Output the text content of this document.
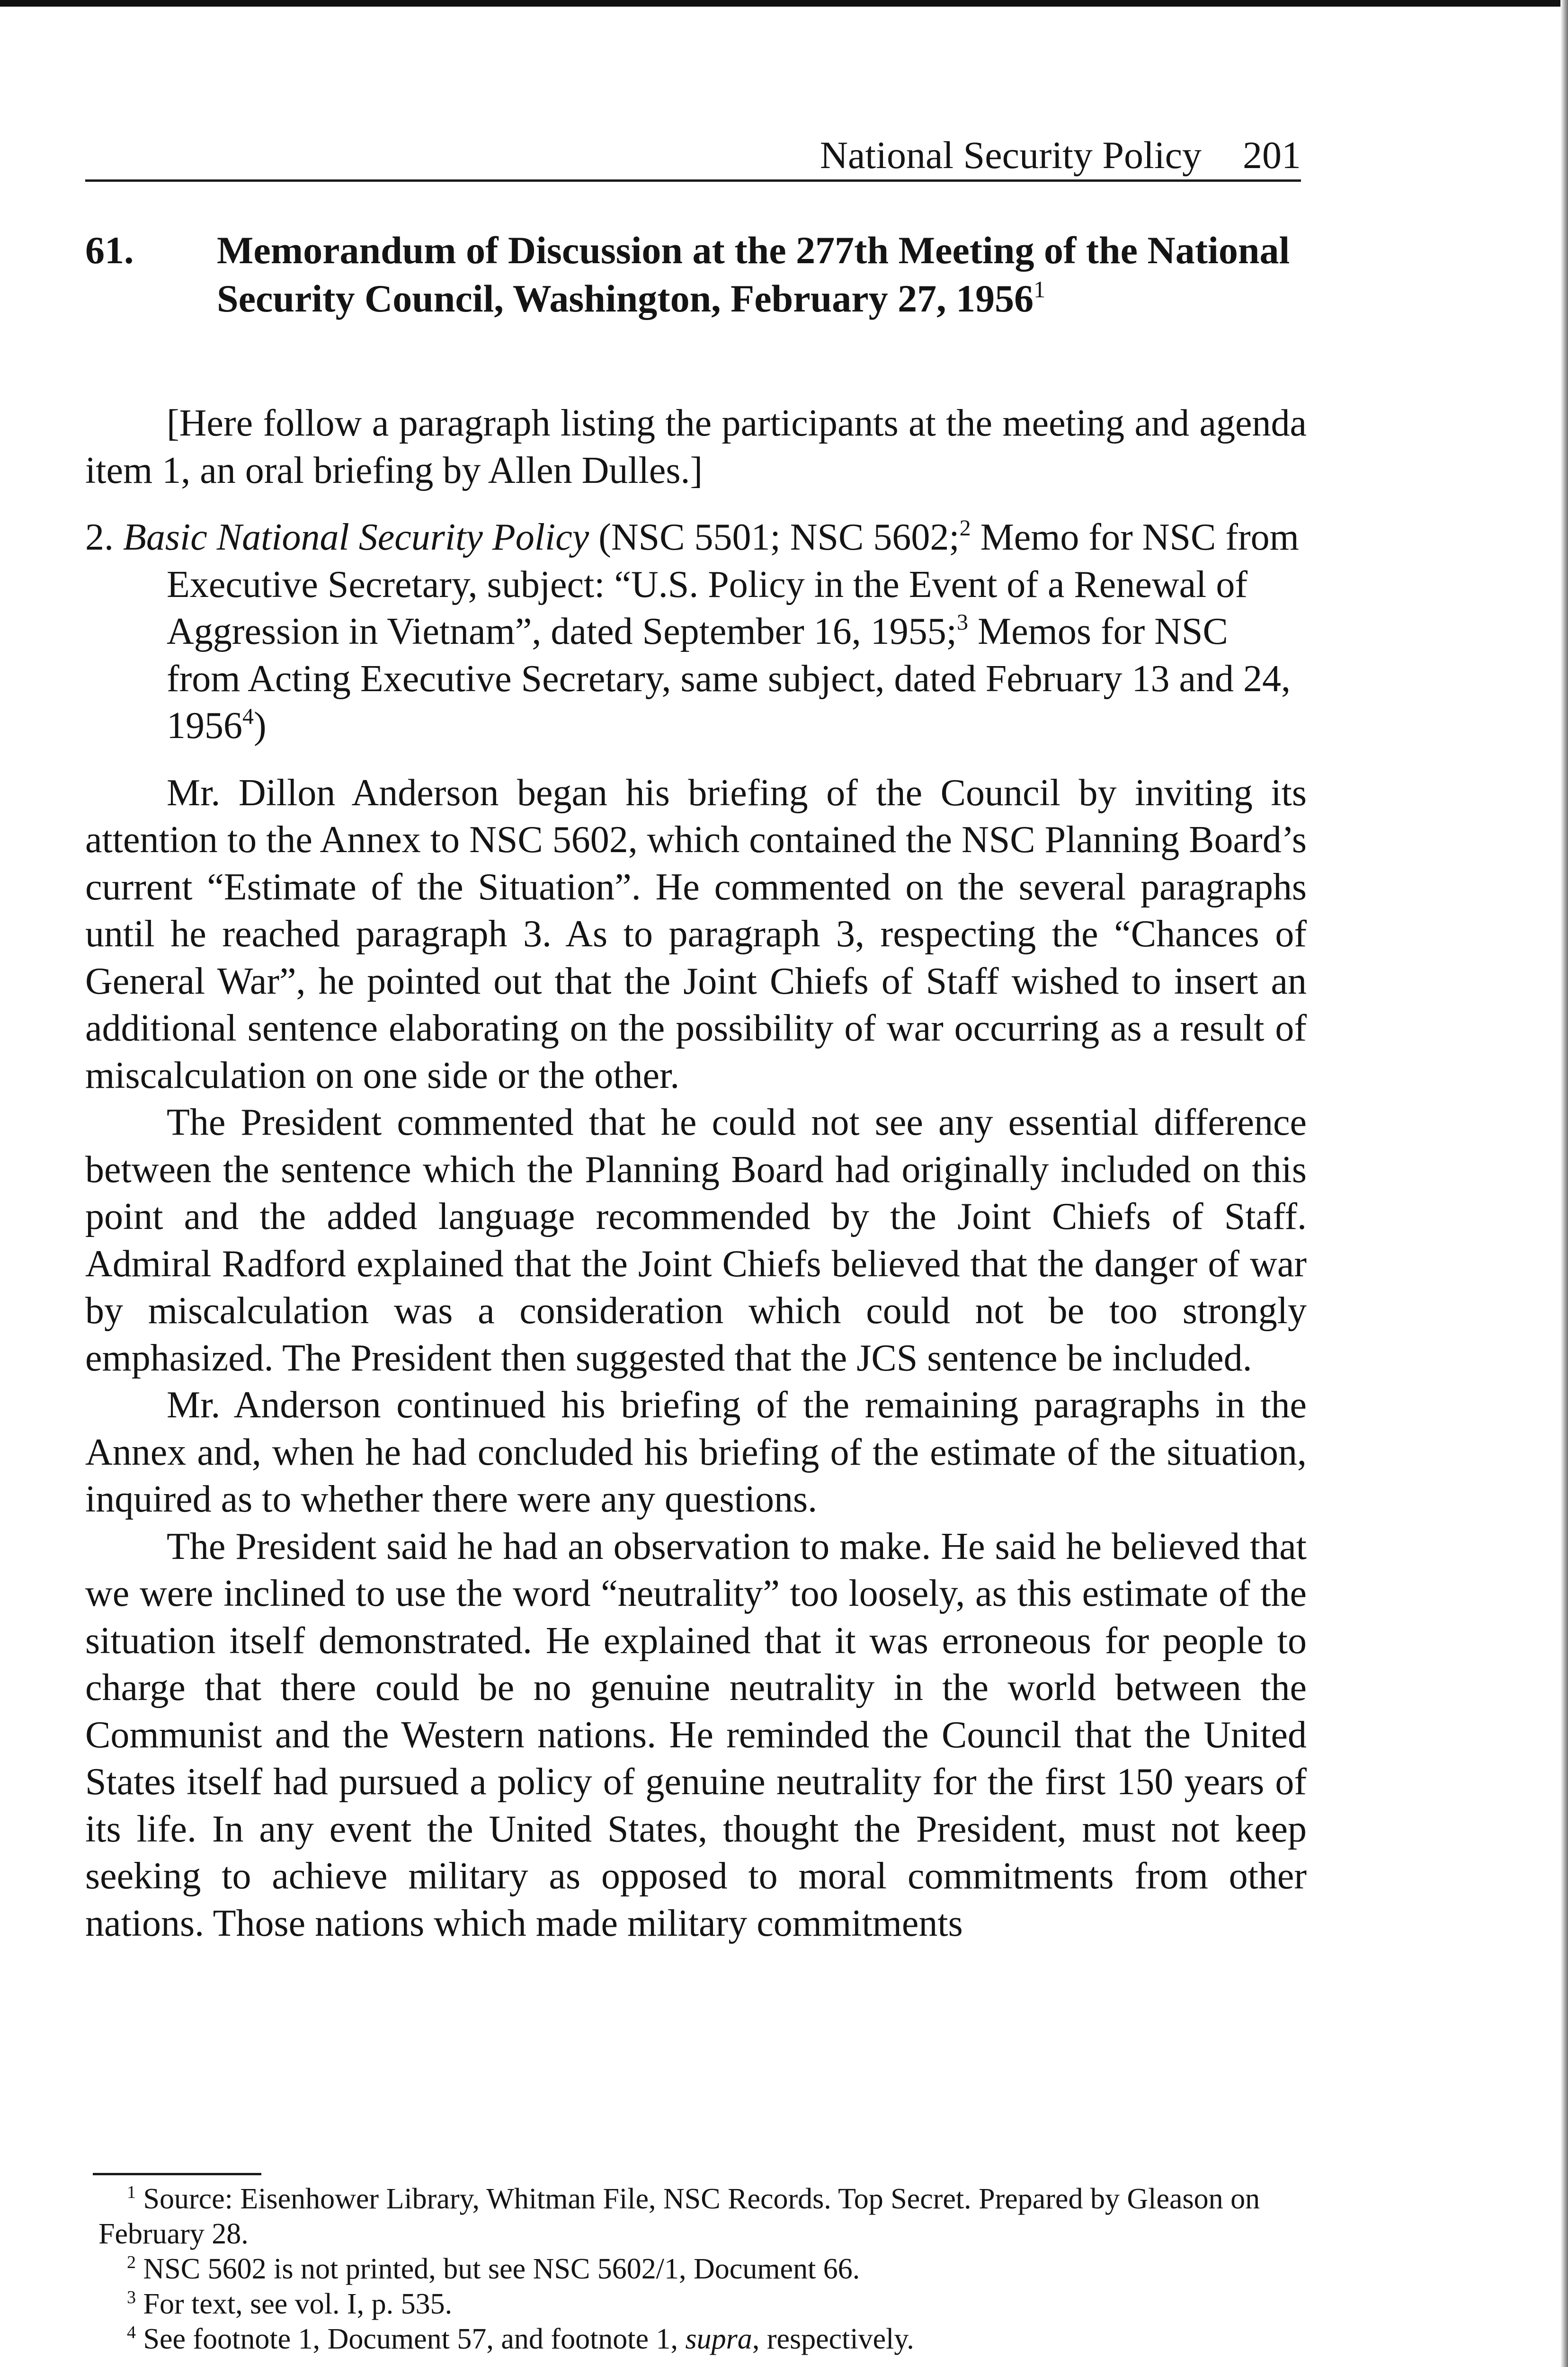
National Security Policy 201
61. Memorandum of Discussion at the 277th Meeting of the National Security Council, Washington, February 27, 1956$^1$

[Here follow a paragraph listing the participants at the meeting and agenda item 1, an oral briefing by Allen Dulles.]

2. Basic National Security Policy (NSC 5501; NSC 5602;$^2$ Memo for NSC from Executive Secretary, subject: “U.S. Policy in the Event of a Renewal of Aggression in Vietnam”, dated September 16, 1955;$^3$ Memos for NSC from Acting Executive Secretary, same subject, dated February 13 and 24, 1956$^4$)

Mr. Dillon Anderson began his briefing of the Council by inviting its attention to the Annex to NSC 5602, which contained the NSC Planning Board’s current “Estimate of the Situation”. He commented on the several paragraphs until he reached paragraph 3. As to paragraph 3, respecting the “Chances of General War”, he pointed out that the Joint Chiefs of Staff wished to insert an additional sentence elaborating on the possibility of war occurring as a result of miscalculation on one side or the other.

The President commented that he could not see any essential difference between the sentence which the Planning Board had originally included on this point and the added language recommended by the Joint Chiefs of Staff. Admiral Radford explained that the Joint Chiefs believed that the danger of war by miscalculation was a consideration which could not be too strongly emphasized. The President then suggested that the JCS sentence be included.

Mr. Anderson continued his briefing of the remaining paragraphs in the Annex and, when he had concluded his briefing of the estimate of the situation, inquired as to whether there were any questions.

The President said he had an observation to make. He said he believed that we were inclined to use the word “neutrality” too loosely, as this estimate of the situation itself demonstrated. He explained that it was erroneous for people to charge that there could be no genuine neutrality in the world between the Communist and the Western nations. He reminded the Council that the United States itself had pursued a policy of genuine neutrality for the first 150 years of its life. In any event the United States, thought the President, must not keep seeking to achieve military as opposed to moral commitments from other nations. Those nations which made military commitments

$^1$ Source: Eisenhower Library, Whitman File, NSC Records. Top Secret. Prepared by Gleason on February 28.

$^2$ NSC 5602 is not printed, but see NSC 5602/1, Document 66.

$^3$ For text, see vol. I, p. 535.

$^4$ See footnote 1, Document 57, and footnote 1, supra, respectively.
